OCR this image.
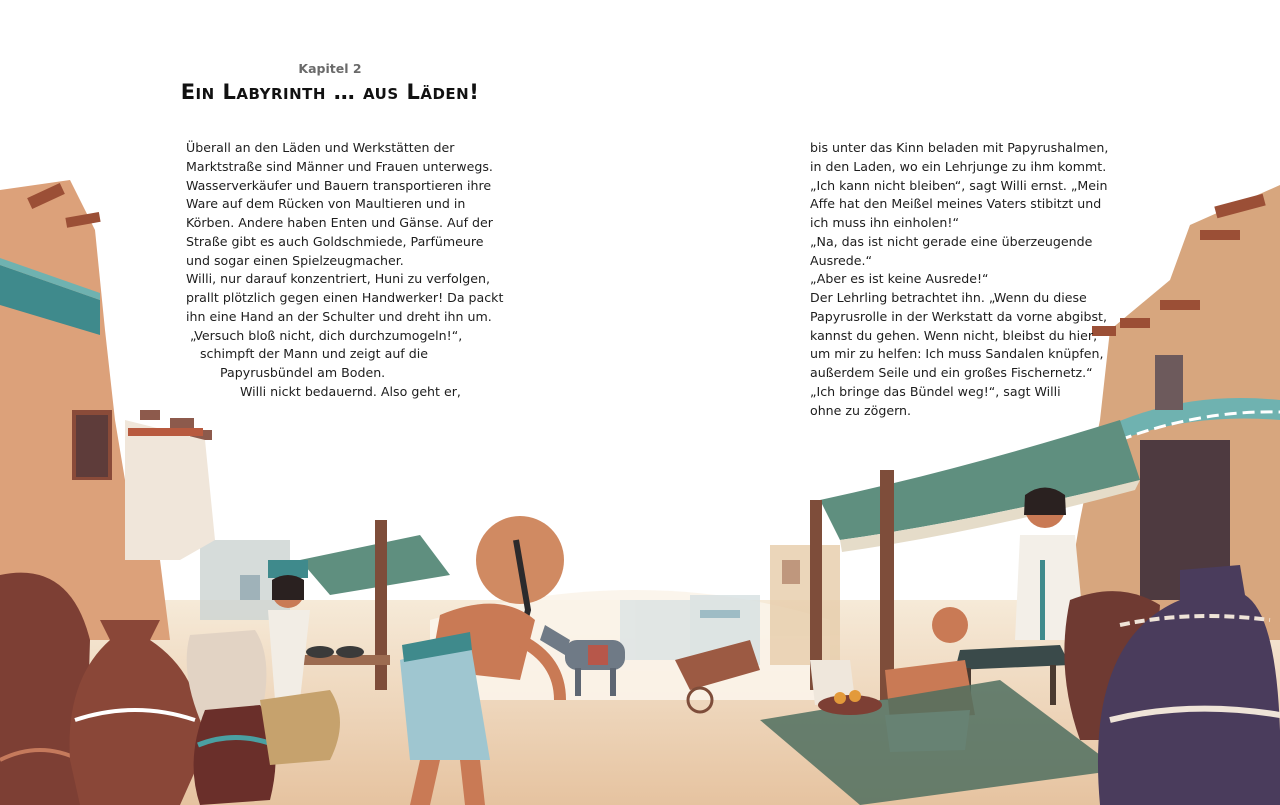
Kapitel 2
Ein Labyrinth … aus Läden!
Überall an den Läden und Werkstätten der
Marktstraße sind Männer und Frauen unterwegs.
Wasserverkäufer und Bauern transportieren ihre
Ware auf dem Rücken von Maultieren und in
Körben. Andere haben Enten und Gänse. Auf der
Straße gibt es auch Goldschmiede, Parfümeure
und sogar einen Spielzeugmacher.
Willi, nur darauf konzentriert, Huni zu verfolgen,
prallt plötzlich gegen einen Handwerker! Da packt
ihn eine Hand an der Schulter und dreht ihn um.
„Versuch bloß nicht, dich durchzumogeln!“,
schimpft der Mann und zeigt auf die
Papyrusbündel am Boden.
Willi nickt bedauernd. Also geht er,
bis unter das Kinn beladen mit Papyrushalmen,
in den Laden, wo ein Lehrjunge zu ihm kommt.
„Ich kann nicht bleiben“, sagt Willi ernst. „Mein
Affe hat den Meißel meines Vaters stibitzt und
ich muss ihn einholen!“
„Na, das ist nicht gerade eine überzeugende
Ausrede.“
„Aber es ist keine Ausrede!“
Der Lehrling betrachtet ihn. „Wenn du diese
Papyrusrolle in der Werkstatt da vorne abgibst,
kannst du gehen. Wenn nicht, bleibst du hier,
um mir zu helfen: Ich muss Sandalen knüpfen,
außerdem Seile und ein großes Fischernetz.“
„Ich bringe das Bündel weg!“, sagt Willi
ohne zu zögern.
